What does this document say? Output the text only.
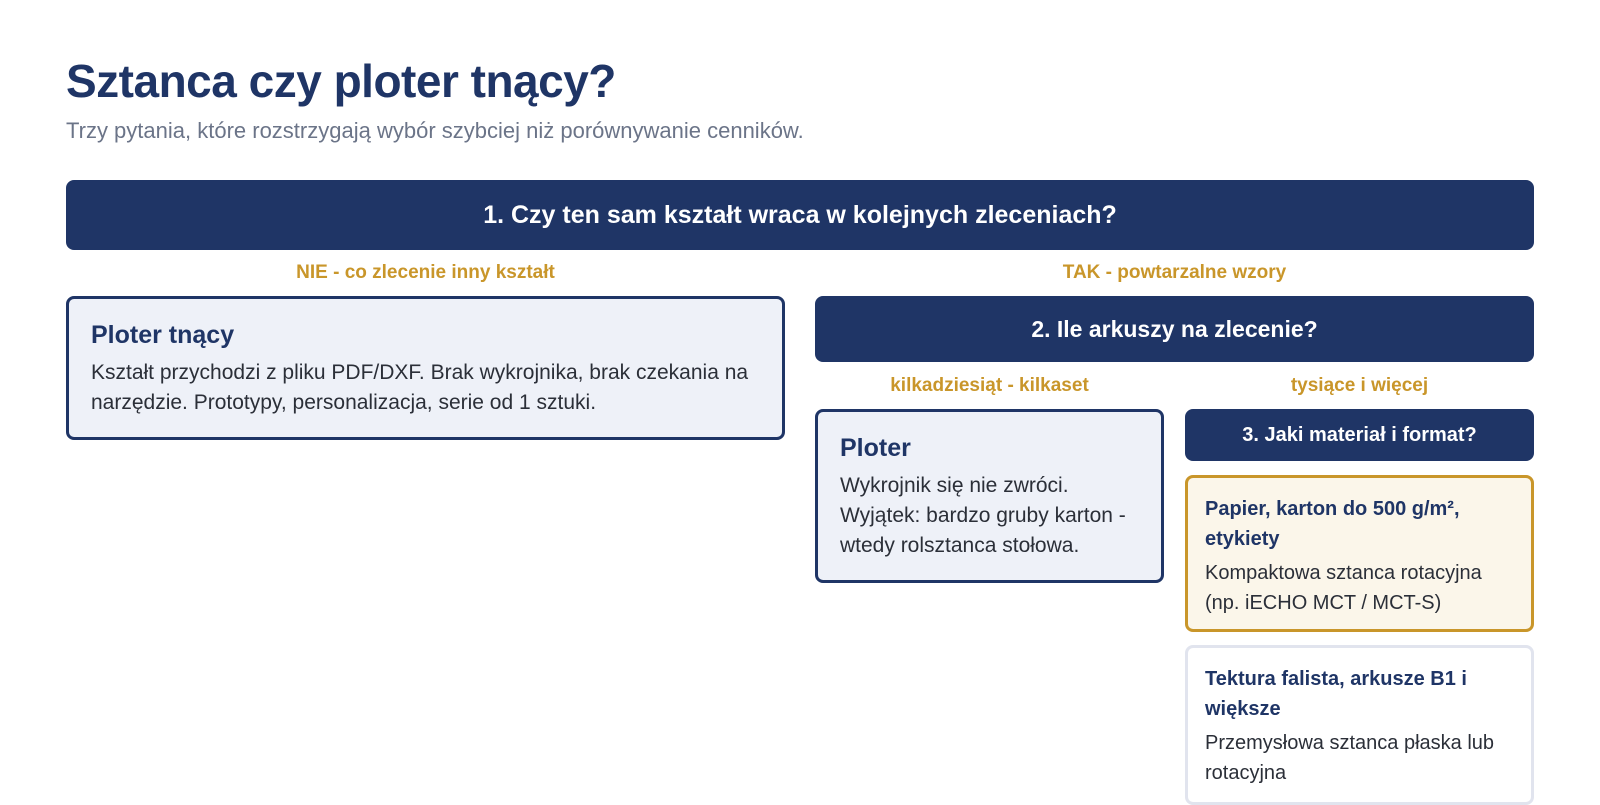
Sztanca czy ploter tnący?

Trzy pytania, które rozstrzygają wybór szybciej niż porównywanie cenników.

1. Czy ten sam kształt wraca w kolejnych zleceniach?
NIE - co zlecenie inny kształt	TAK - powtarzalne wzory
Ploter tnący

Kształt przychodzi z pliku PDF/DXF. Brak wykrojnika, brak czekania na narzędzie. Prototypy, personalizacja, serie od 1 sztuki.

2. Ile arkuszy na zlecenie?
kilkadziesiąt - kilkaset	tysiące i więcej
Ploter

Wykrojnik się nie zwróci. Wyjątek: bardzo gruby karton - wtedy rolsztanca stołowa.

3. Jaki materiał i format?
Papier, karton do 500 g/m², etykiety

Kompaktowa sztanca rotacyjna (np. iECHO MCT / MCT-S)

Tektura falista, arkusze B1 i większe

Przemysłowa sztanca płaska lub rotacyjna
